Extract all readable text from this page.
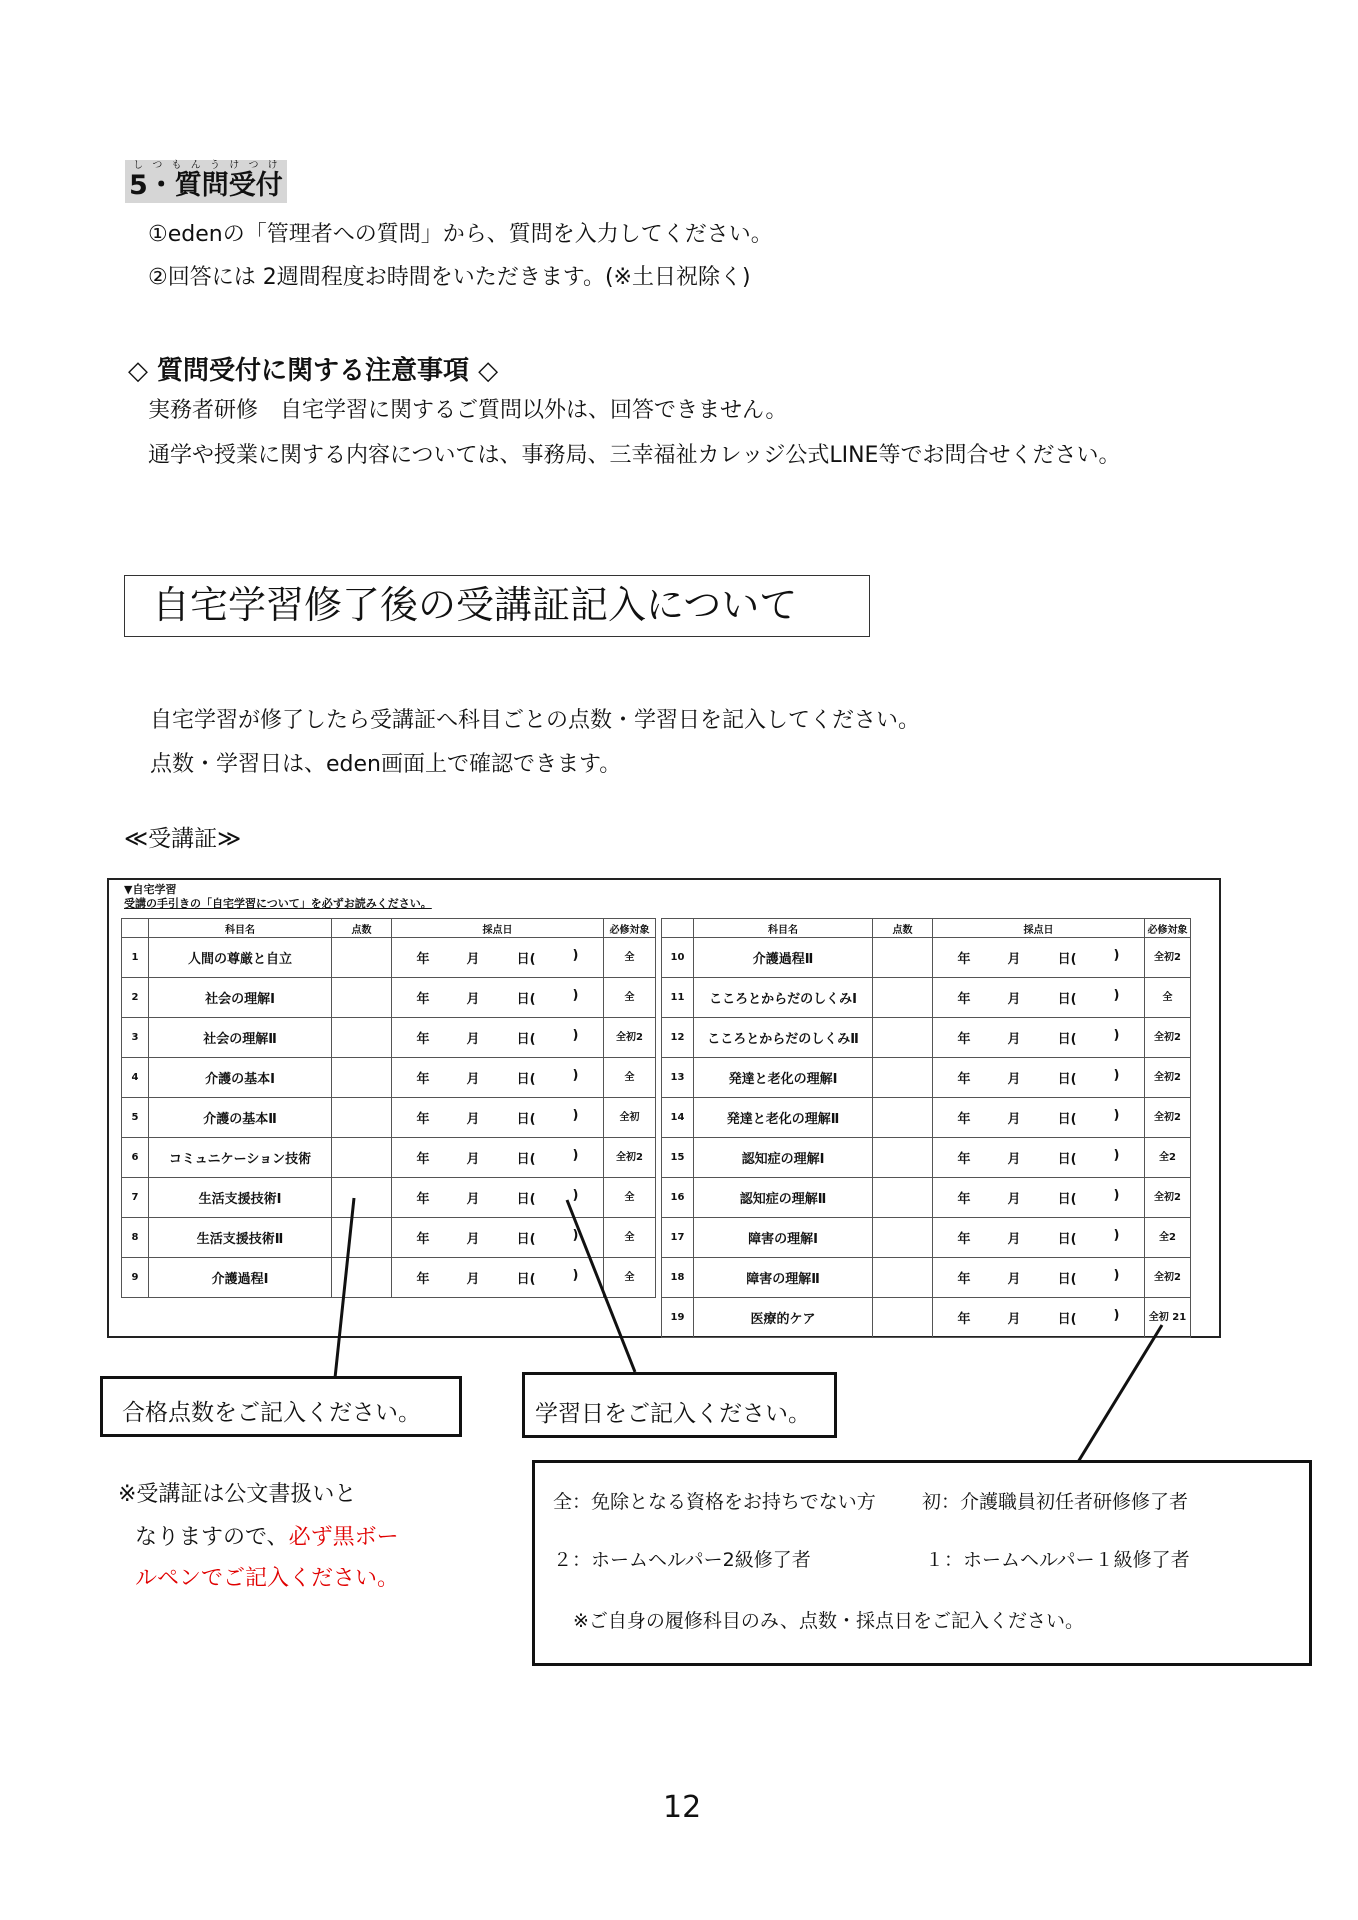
5・質問受付しつもんうけつけ
①edenの「管理者への質問」から、質問を入力してください。
②回答には 2週間程度お時間をいただきます。(※土日祝除く)
◇ 質問受付に関する注意事項 ◇
実務者研修　自宅学習に関するご質問以外は、回答できません。
通学や授業に関する内容については、事務局、三幸福祉カレッジ公式LINE等でお問合せください。
自宅学習修了後の受講証記入について
自宅学習が修了したら受講証へ科目ごとの点数・学習日を記入してください。
点数・学習日は、eden画面上で確認できます。
≪受講証≫
▼自宅学習
受講の手引きの「自宅学習について」を必ずお読みください。
	科目名	点数	採点日	必修対象
1	人間の尊厳と自立		年 月 日( )	全
2	社会の理解Ⅰ		年 月 日( )	全
3	社会の理解Ⅱ		年 月 日( )	全初2
4	介護の基本Ⅰ		年 月 日( )	全
5	介護の基本Ⅱ		年 月 日( )	全初
6	コミュニケーション技術		年 月 日( )	全初2
7	生活支援技術Ⅰ		年 月 日( )	全
8	生活支援技術Ⅱ		年 月 日( )	全
9	介護過程Ⅰ		年 月 日( )	全
	科目名	点数	採点日	必修対象
10	介護過程Ⅱ		年 月 日( )	全初2
11	こころとからだのしくみⅠ		年 月 日( )	全
12	こころとからだのしくみⅡ		年 月 日( )	全初2
13	発達と老化の理解Ⅰ		年 月 日( )	全初2
14	発達と老化の理解Ⅱ		年 月 日( )	全初2
15	認知症の理解Ⅰ		年 月 日( )	全2
16	認知症の理解Ⅱ		年 月 日( )	全初2
17	障害の理解Ⅰ		年 月 日( )	全2
18	障害の理解Ⅱ		年 月 日( )	全初2
19	医療的ケア		年 月 日( )	全初 21
合格点数をご記入ください。	学習日をご記入ください。
※受講証は公文書扱いと
なりますので、必ず黒ボー
ルペンでご記入ください。
全：免除となる資格をお持ちでない方 初：介護職員初任者研修修了者
２：ホームヘルパー2級修了者	１：ホームヘルパー１級修了者
※ご自身の履修科目のみ、点数・採点日をご記入ください。
12
